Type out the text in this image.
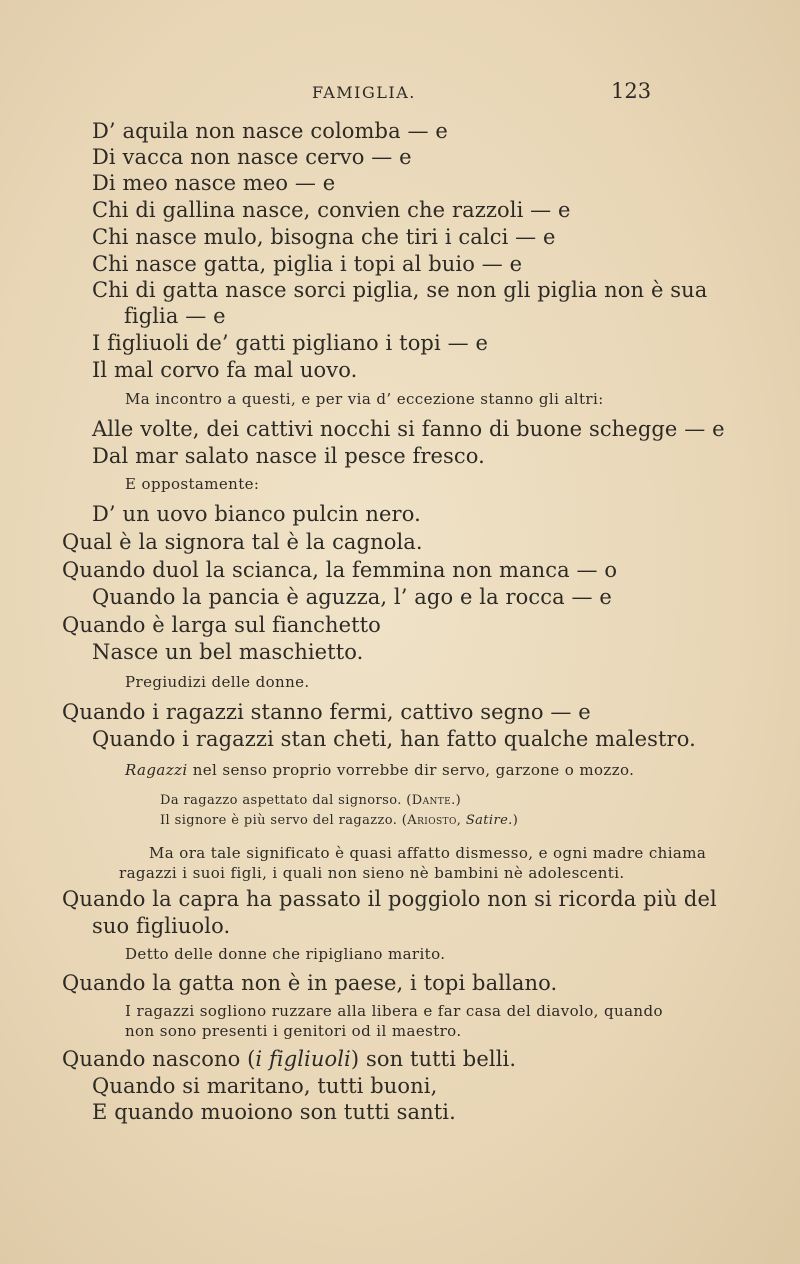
FAMIGLIA.	123
D’ aquila non nasce colomba — e
Di vacca non nasce cervo — e
Di meo nasce meo — e
Chi di gallina nasce, convien che razzoli — e
Chi nasce mulo, bisogna che tiri i calci — e
Chi nasce gatta, piglia i topi al buio — e
Chi di gatta nasce sorci piglia, se non gli piglia non è sua
figlia — e
I figliuoli de’ gatti pigliano i topi — e
Il mal corvo fa mal uovo.
Ma incontro a questi, e per via d’ eccezione stanno gli altri:
Alle volte, dei cattivi nocchi si fanno di buone schegge — e
Dal mar salato nasce il pesce fresco.
E oppostamente:
D’ un uovo bianco pulcin nero.
Qual è la signora tal è la cagnola.
Quando duol la scianca, la femmina non manca — o
Quando la pancia è aguzza, l’ ago e la rocca — e
Quando è larga sul fianchetto
Nasce un bel maschietto.
Pregiudizi delle donne.
Quando i ragazzi stanno fermi, cattivo segno — e
Quando i ragazzi stan cheti, han fatto qualche malestro.
Ragazzi nel senso proprio vorrebbe dir servo, garzone o mozzo.
Da ragazzo aspettato dal signorso. (Dante.)
Il signore è più servo del ragazzo. (Ariosto, Satire.)
Ma ora tale significato è quasi affatto dismesso, e ogni madre chiama
ragazzi i suoi figli, i quali non sieno nè bambini nè adolescenti.
Quando la capra ha passato il poggiolo non si ricorda più del
suo figliuolo.
Detto delle donne che ripigliano marito.
Quando la gatta non è in paese, i topi ballano.
I ragazzi sogliono ruzzare alla libera e far casa del diavolo, quando
non sono presenti i genitori od il maestro.
Quando nascono (i figliuoli) son tutti belli.
Quando si maritano, tutti buoni,
E quando muoiono son tutti santi.
